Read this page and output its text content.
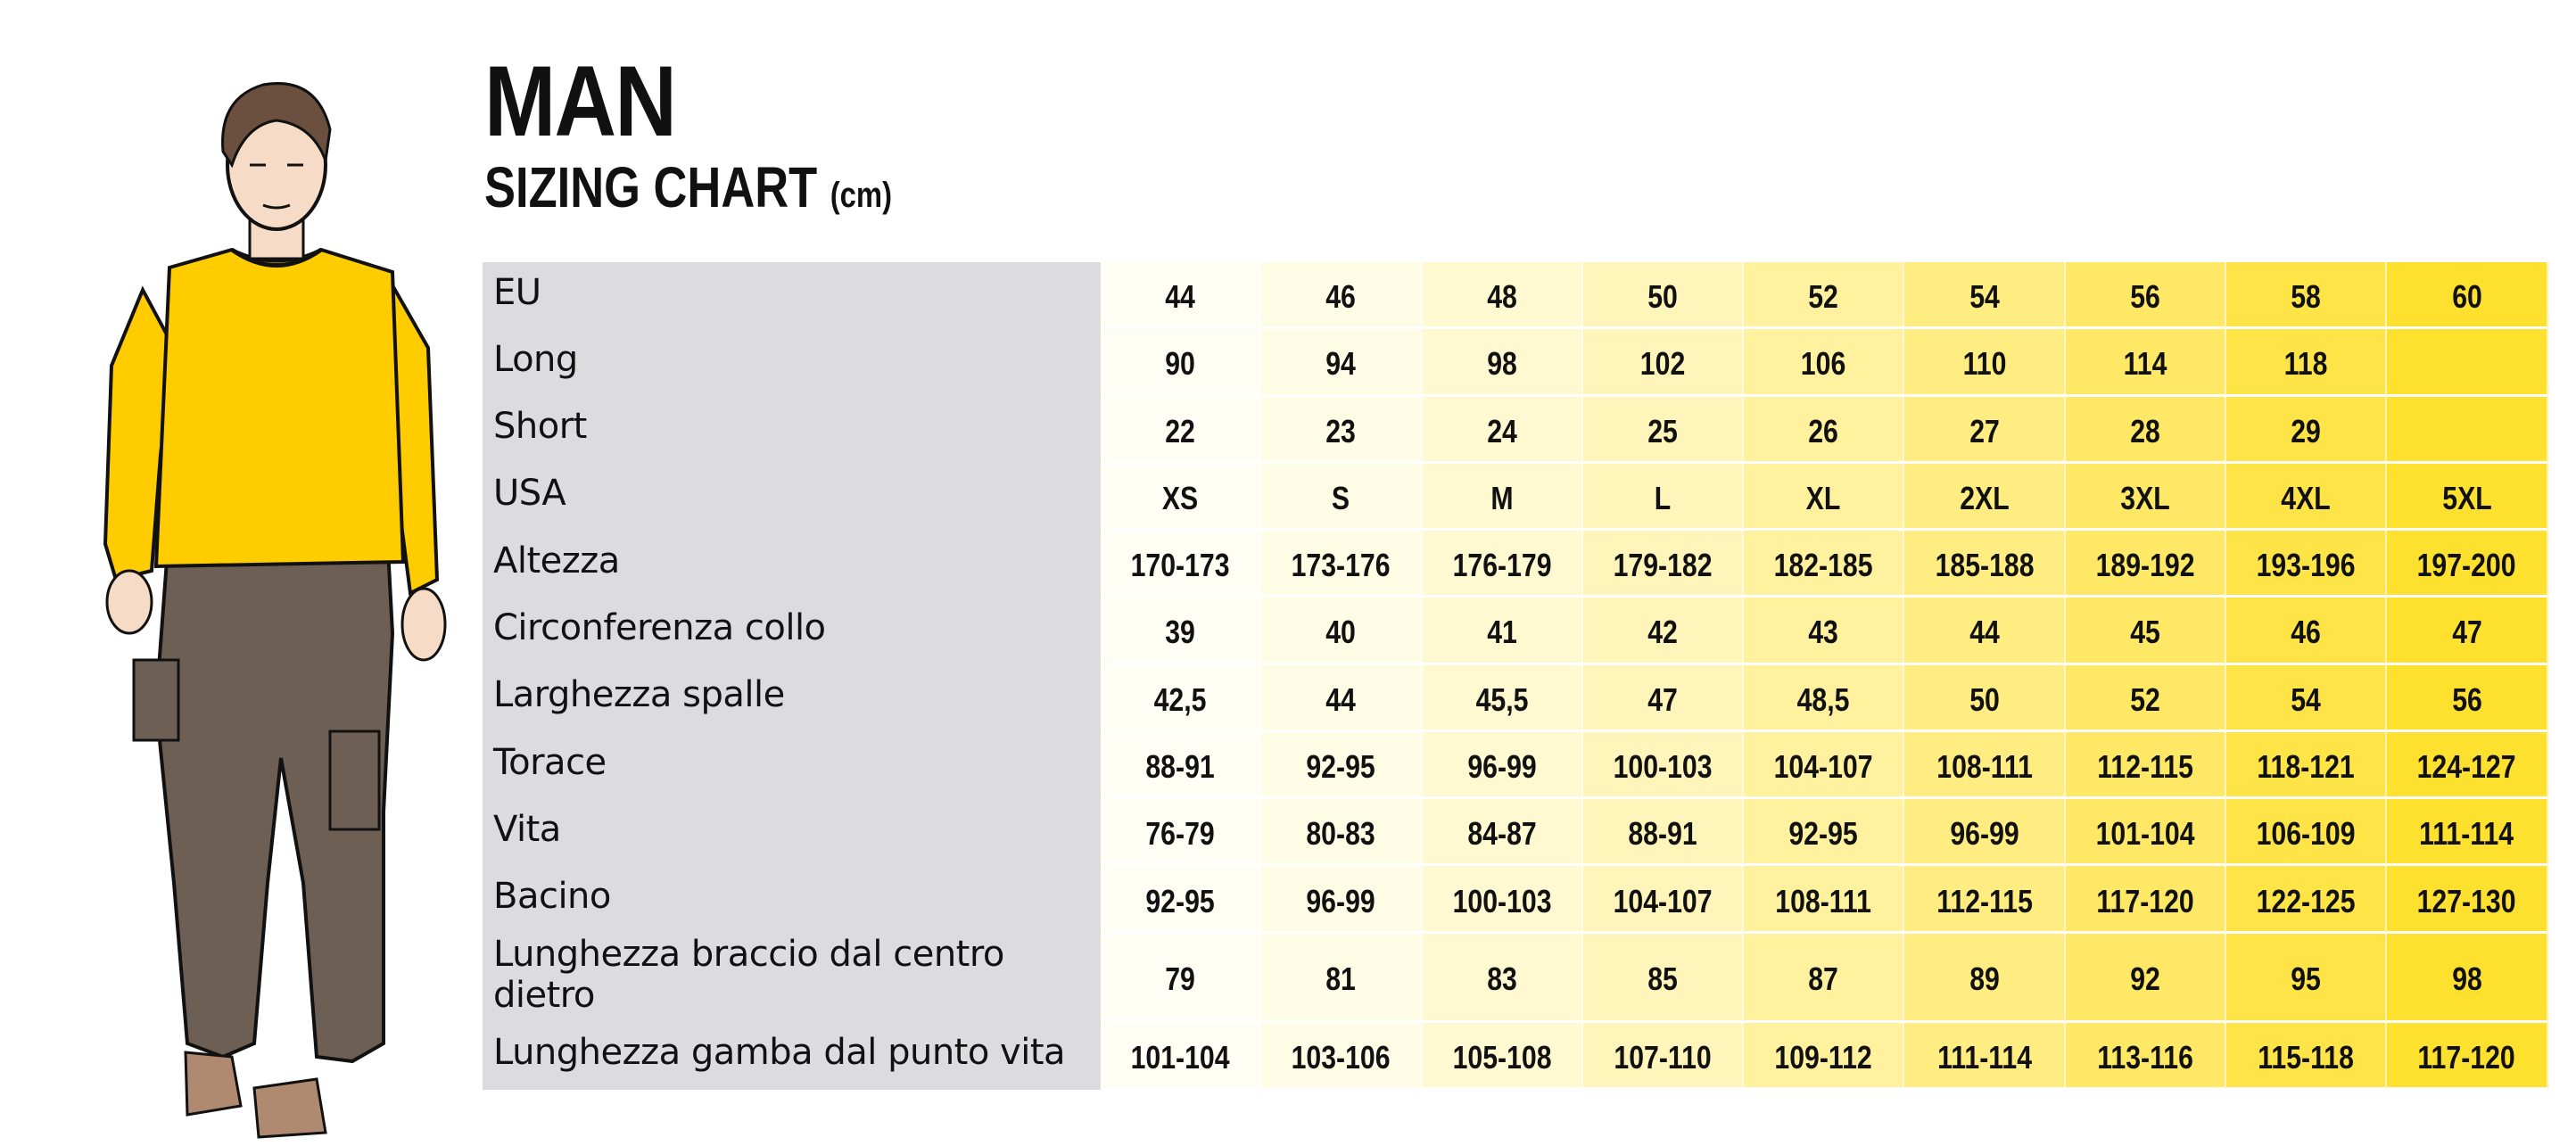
MAN
SIZING CHART (cm)
EU	44	46	48	50	52	54	56	58	60
Long	90	94	98	102	106	110	114	118
Short	22	23	24	25	26	27	28	29
USA	XS	S	M	L	XL	2XL	3XL	4XL	5XL
Altezza	170-173 173-176 176-179 179-182 182-185 185-188 189-192 193-196 197-200
Circonferenza collo	39	40	41	42	43	44	45	46	47
Larghezza spalle	42,5	44	45,5	47	48,5	50	52	54	56
Torace	88-91	92-95	96-99 100-103 104-107 108-111 112-115 118-121 124-127
Vita	76-79	80-83	84-87	88-91	92-95	96-99 101-104 106-109 111-114
Bacino	92-95	96-99 100-103 104-107 108-111 112-115 117-120 122-125 127-130
Lunghezza braccio dal centro dietro	79	81	83	85	87	89	92	95	98
Lunghezza gamba dal punto vita	101-104 103-106 105-108 107-110 109-112 111-114 113-116 115-118 117-120
